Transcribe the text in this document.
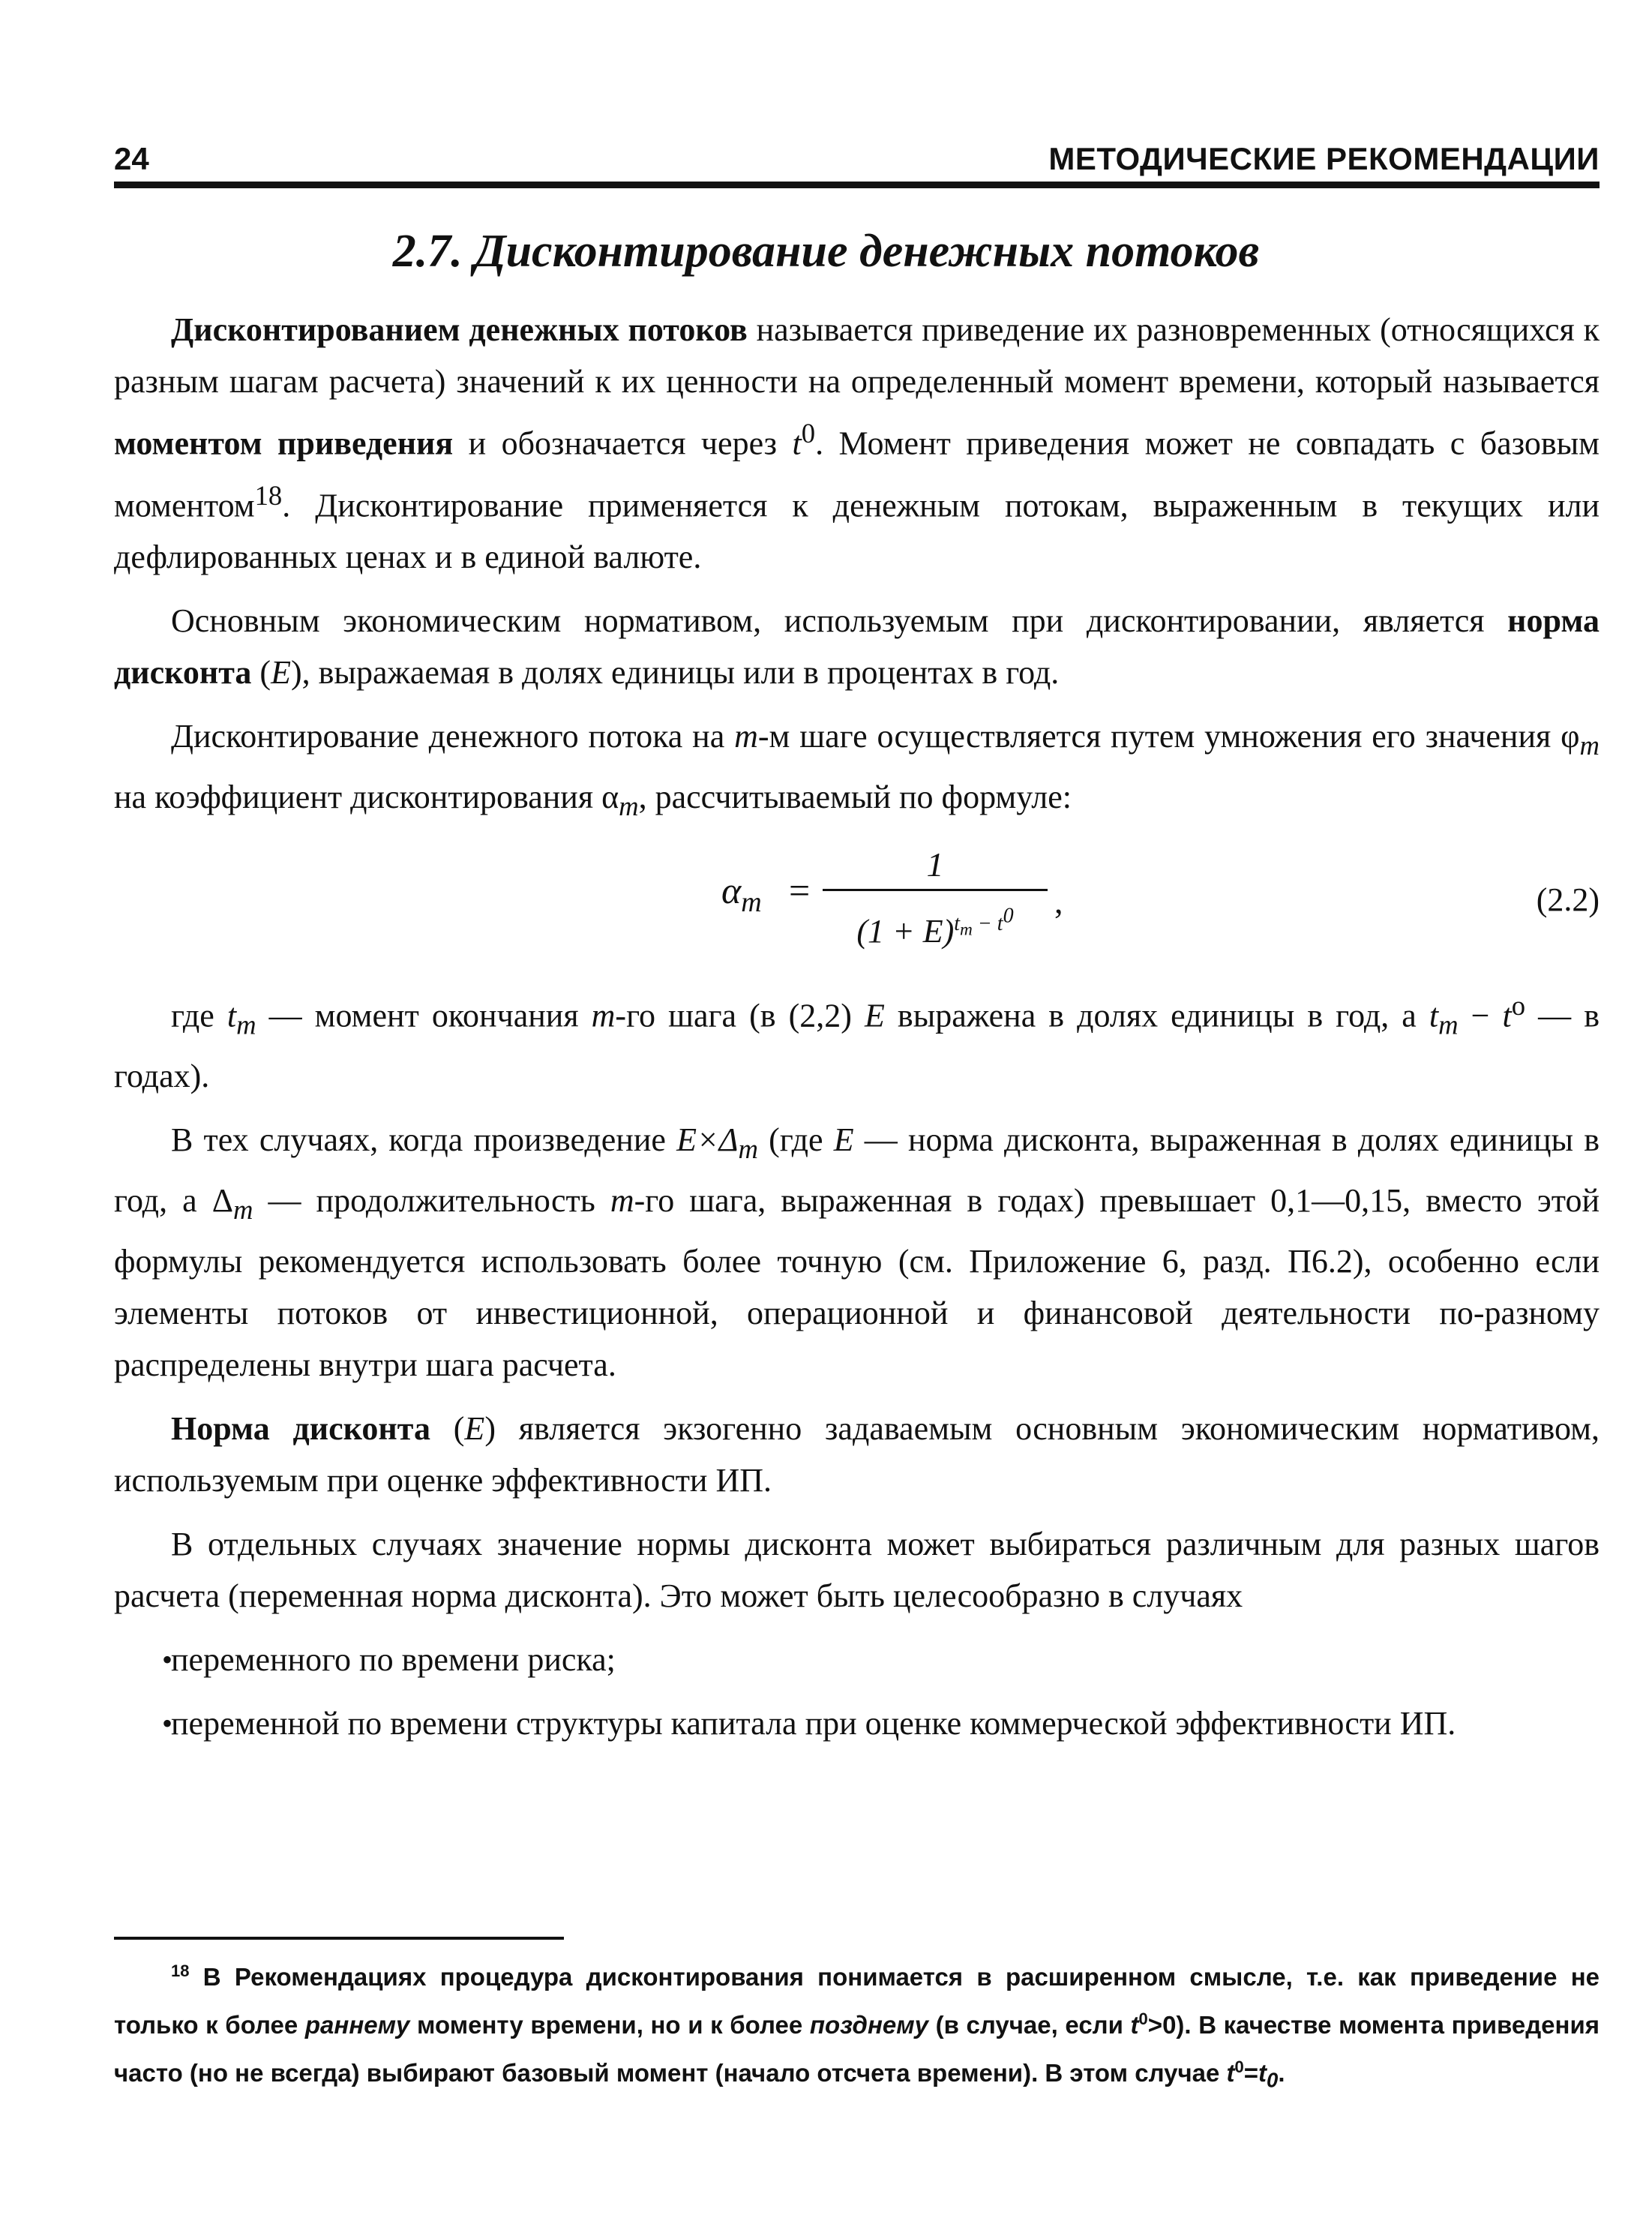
24	МЕТОДИЧЕСКИЕ РЕКОМЕНДАЦИИ
2.7. Дисконтирование денежных потоков

Дисконтированием денежных потоков называется приведение их разновременных (относящихся к разным шагам расчета) значений к их ценности на определенный момент времени, который называется моментом приведения и обозначается через $t^0$. Момент приведения может не совпадать с базовым моментом$^{18}$. Дисконтирование применяется к денежным потокам, выраженным в текущих или дефлированных ценах и в единой валюте.

Основным экономическим нормативом, используемым при дисконтировании, является норма дисконта (E), выражаемая в долях единицы или в процентах в год.

Дисконтирование денежного потока на m-м шаге осуществляется путем умножения его значения $\varphi_m$ на коэффициент дисконтирования $\alpha_m$, рассчитываемый по формуле:

$\alpha_m$ =
1
$(1 + E)^{t_m - t^0}$	,	(2.2)

где $t_m$ — момент окончания m-го шага (в (2,2) E выражена в долях единицы в год, а $t_m - t^o$ — в годах).

В тех случаях, когда произведение $E\times\Delta_m$ (где E — норма дисконта, выраженная в долях единицы в год, а $\Delta_m$ — продолжительность m-го шага, выраженная в годах) превышает 0,1—0,15, вместо этой формулы рекомендуется использовать более точную (см. Приложение 6, разд. П6.2), особенно если элементы потоков от инвестиционной, операционной и финансовой деятельности по-разному распределены внутри шага расчета.

Норма дисконта (E) является экзогенно задаваемым основным экономическим нормативом, используемым при оценке эффективности ИП.

В отдельных случаях значение нормы дисконта может выбираться различным для разных шагов расчета (переменная норма дисконта). Это может быть целесообразно в случаях

•
переменного по времени риска;
•
переменной по времени структуры капитала при оценке коммерческой эффективности ИП.
$^{18}$ В Рекомендациях процедура дисконтирования понимается в расширенном смысле, т.е. как приведение не только к более раннему моменту времени, но и к более позднему (в случае, если $t^0>0$). В качестве момента приведения часто (но не всегда) выбирают базовый момент (начало отсчета времени). В этом случае $t^0=t_0$.
